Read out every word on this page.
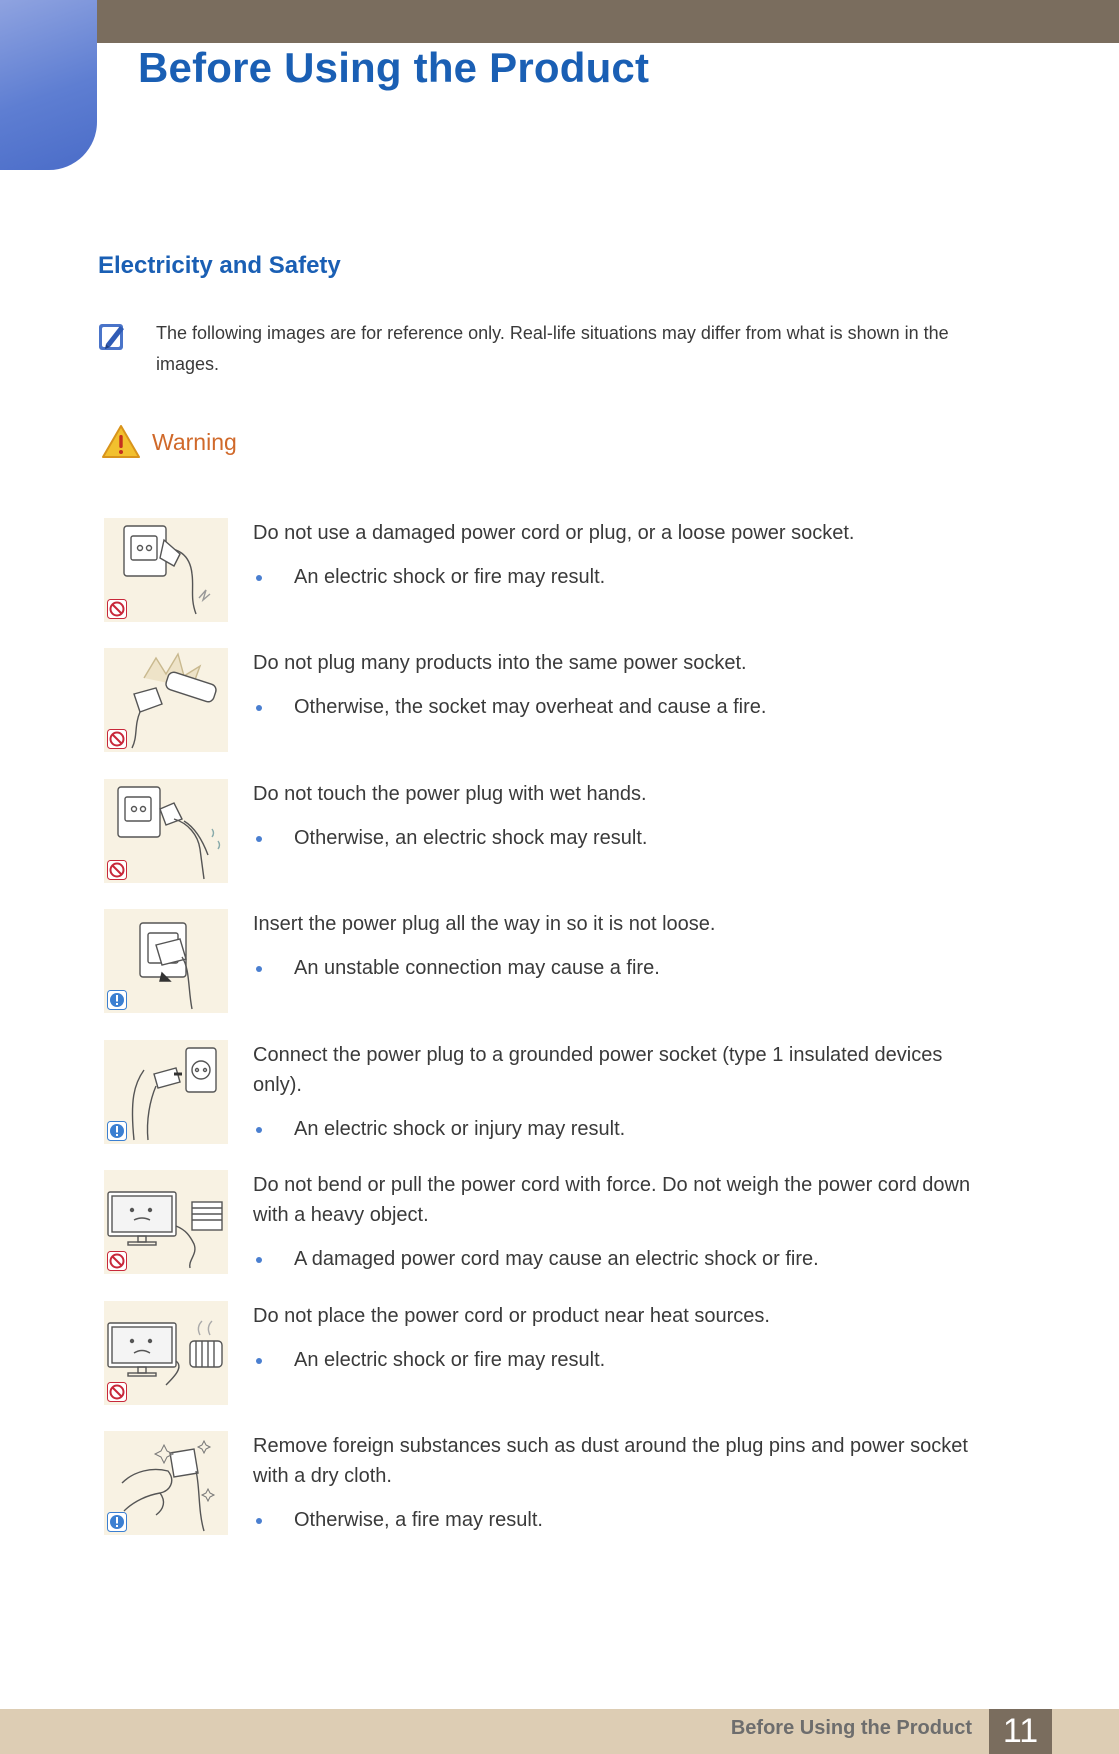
Before Using the Product
Electricity and Safety
The following images are for reference only. Real-life situations may differ from what is shown in the images.
Warning
Do not use a damaged power cord or plug, or a loose power socket.
An electric shock or fire may result.
Do not plug many products into the same power socket.
Otherwise, the socket may overheat and cause a fire.
Do not touch the power plug with wet hands.
Otherwise, an electric shock may result.
Insert the power plug all the way in so it is not loose.
An unstable connection may cause a fire.
Connect the power plug to a grounded power socket (type 1 insulated devices only).
An electric shock or injury may result.
Do not bend or pull the power cord with force. Do not weigh the power cord down with a heavy object.
A damaged power cord may cause an electric shock or fire.
Do not place the power cord or product near heat sources.
An electric shock or fire may result.
Remove foreign substances such as dust around the plug pins and power socket with a dry cloth.
Otherwise, a fire may result.
Before Using the Product 11
